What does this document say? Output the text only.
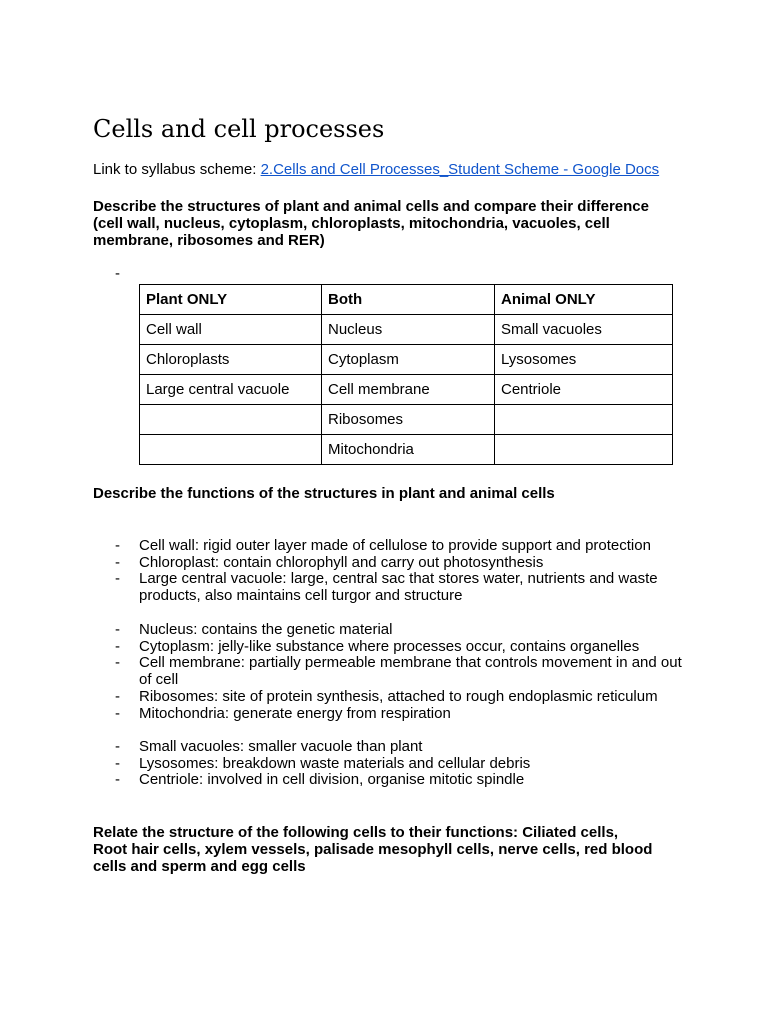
Cells and cell processes
Link to syllabus scheme: 2.Cells and Cell Processes_Student Scheme - Google Docs
Describe the structures of plant and animal cells and compare their difference (cell wall, nucleus, cytoplasm, chloroplasts, mitochondria, vacuoles, cell membrane, ribosomes and RER)
-
Plant ONLY	Both	Animal ONLY
Cell wall	Nucleus	Small vacuoles
Chloroplasts	Cytoplasm	Lysosomes
Large central vacuole	Cell membrane	Centriole
	Ribosomes	
	Mitochondria	
Describe the functions of the structures in plant and animal cells
- Cell wall: rigid outer layer made of cellulose to provide support and protection
- Chloroplast: contain chlorophyll and carry out photosynthesis
- Large central vacuole: large, central sac that stores water, nutrients and waste products, also maintains cell turgor and structure
- Nucleus: contains the genetic material
- Cytoplasm: jelly-like substance where processes occur, contains organelles
- Cell membrane: partially permeable membrane that controls movement in and out of cell
- Ribosomes: site of protein synthesis, attached to rough endoplasmic reticulum
- Mitochondria: generate energy from respiration
- Small vacuoles: smaller vacuole than plant
- Lysosomes: breakdown waste materials and cellular debris
- Centriole: involved in cell division, organise mitotic spindle
Relate the structure of the following cells to their functions: Ciliated cells, Root hair cells, xylem vessels, palisade mesophyll cells, nerve cells, red blood cells and sperm and egg cells
